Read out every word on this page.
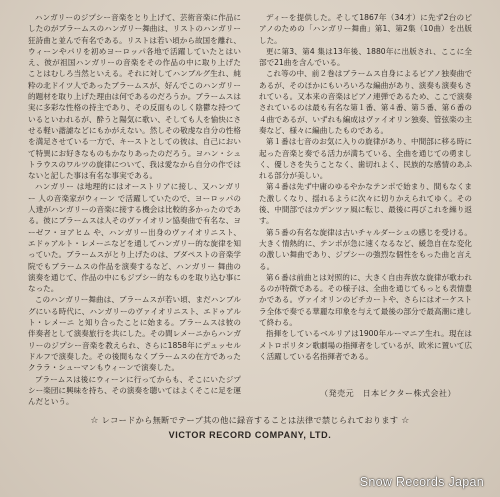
ハンガリーのジプシー音楽をとり上げて、芸術音楽に作品にしたのがブラームスのハンガリー舞曲は、リストのハンガリー狂詩曲と並んで有名である。リストは若い頃から故国を離れ、ウィーンやパリを初めヨーロッパ各地で活躍していたとはいえ、彼が祖国ハンガリーの音楽をその作品の中に取り上げたことはむしろ当然といえる。それに対してハンブルグ生れ、純粋の北ドイツ人であったブラームスが、好んでこのハンガリー的題材を取り上げた理由は何であるのだろうか。ブラームスは実に多彩な性格の持主であり、その反面ものしく陰鬱な持つているといわれるが、酔うと陽気に歌い、そしても人を愉快にさせる軽い諧謔などにもかがえない。然しその敬虔な自分の性格を満足させている一方で、キーストとしての彼は、自己において特異にお好きなものもかなりあったのだろう。ヨハン・シュトラウスのワルツの旋律について、我は愛なから自分の作ではないと記した事は有名な事実である。

ハンガリー は地理的にはオーストリアに接し、又ハンガリー 人の音楽家がウィーン で活躍していたので、ヨーロッパの人達がハンガリーの音楽に接する機会は比較的多かったのである。彼にブラームスは人そのヴァイオリン協奏曲で有名な、ヨーゼフ・ヨアヒム や、ハンガリー出身のヴァイオリニスト、エドゥアルト・レメーニなどを通してハンガリー的な旋律を知っていた。ブラームスがとり上げたのは、ブダペストの音楽学院でもブラームスの作品を演奏するなど、ハンガリー 舞曲の演奏を通じて、作品の中にもジプシー的なものを取り込む事になった。

このハンガリー舞曲は、ブラームスが若い頃、まだハンブルグにいる時代に、ハンガリーのヴァイオリニスト、エドゥアルト・レメーニ と知り合ったことに始まる。ブラームスは彼の伴奏者として演奏旅行を共にした。その間レメーニからハンガリーのジプシー音楽を教えられ、さらに1858年にデュッセルドルフで演奏した。その後間もなくブラームスの在方であったクララ・シューマンもウィーンで演奏した。

ブラームスは後にウィーンに行ってからも、そこにいたジプシー楽団に興味を持ち、その演奏を聴いてはよくそこに足を運んだという。

ディーを提供した。そして1867年（34才）に先ず2台のピアノのための「ハンガリー舞曲」第1、第2集（10曲）を出版した。

更に第3、第4 集は13年後、1880年に出版され、ここに全部で21曲を含んでいる。

これ等の中、前２巻はブラームス自身によるピアノ独奏曲であるが、そのほかにもいろいろな編曲があり、演奏も演奏もされている。又本来の音楽はピアノ連弾であるため、ここで演奏されているのは最も有名な第１番、第４番、第５番、第６番の４曲であるが、いずれも編成はヴァイオリン独奏、管弦楽の主奏など、様々に編曲したものである。

第１番は七音のお気に入りの旋律があり、中間部に移る時に起った音楽と奏でる活力が満ちている、全曲を通じての勇ましく、優しさを失うことなく、歯切れよく、民族的な感情のあふれる部分が美しい。

第４番は先ず中庸のゆるやかなテンポで始まり、間もなくまた激しくなり、揺れるように次々に切りかえられてゆく。その後、中間部ではカデンツァ風に転じ、最後に再びこれを繰り返す。

第５番の有名な旋律は古いチャルダーシュの感じを受ける。大きく情熱的に、テンポが急に速くなるなど、緩急自在な変化の激しい舞曲であり、ジプシーの強烈な個性をもった曲と言える。

第６番は前曲とは対照的に、大きく自由奔放な旋律が歌われるのが特徴である。その様子は、全曲を通じてもっとも表情豊かである。ヴァイオリンのピチカートや、さらにはオーケストラ全体で奏でる華麗な印象を与えて最後の部分で最高潮に達して終わる。

指揮をしているベルリアは1900年ルーマニア生れ。現在はメトロポリタン歌劇場の指揮者をしているが、欧米に置いて広く活躍している名指揮者である。

（発売元　日本ビクター株式会社）
☆ レコードから無断でテープ其の他に録音することは法律で禁じられております ☆
VICTOR RECORD COMPANY, LTD.
Snow Records Japan
